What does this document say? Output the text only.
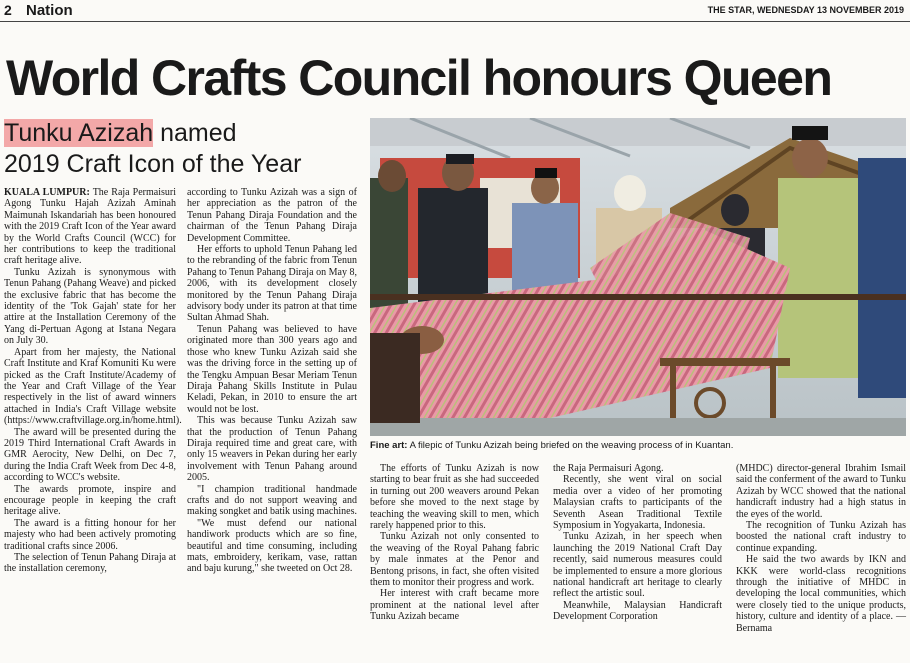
2 Nation	THE STAR, WEDNESDAY 13 NOVEMBER 2019
World Crafts Council honours Queen
Tunku Azizah named
2019 Craft Icon of the Year

KUALA LUMPUR: The Raja Permaisuri Agong Tunku Hajah Azizah Aminah Maimunah Iskandariah has been honoured with the 2019 Craft Icon of the Year award by the World Crafts Council (WCC) for her contributions to keep the traditional craft heritage alive.

Tunku Azizah is synonymous with Tenun Pahang (Pahang Weave) and picked the exclusive fabric that has become the identity of the 'Tok Gajah' state for her attire at the Installation Ceremony of the Yang di-Pertuan Agong at Istana Negara on July 30.

Apart from her majesty, the National Craft Institute and Kraf Komuniti Ku were picked as the Craft Institute/Academy of the Year and Craft Village of the Year respectively in the list of award winners attached in India's Craft Village website (https://www.craftvillage.org.in/home.html).

The award will be presented during the 2019 Third International Craft Awards in GMR Aerocity, New Delhi, on Dec 7, during the India Craft Week from Dec 4-8, according to WCC's website.

The awards promote, inspire and encourage people in keeping the craft heritage alive.

The award is a fitting honour for her majesty who had been actively promoting traditional crafts since 2006.

The selection of Tenun Pahang Diraja at the installation ceremony,

according to Tunku Azizah was a sign of her appreciation as the patron of the Tenun Pahang Diraja Foundation and the chairman of the Tenun Pahang Diraja Development Committee.

Her efforts to uphold Tenun Pahang led to the rebranding of the fabric from Tenun Pahang to Tenun Pahang Diraja on May 8, 2006, with its development closely monitored by the Tenun Pahang Diraja advisory body under its patron at that time Sultan Ahmad Shah.

Tenun Pahang was believed to have originated more than 300 years ago and those who knew Tunku Azizah said she was the driving force in the setting up of the Tengku Ampuan Besar Meriam Tenun Diraja Pahang Skills Institute in Pulau Keladi, Pekan, in 2010 to ensure the art would not be lost.

This was because Tunku Azizah saw that the production of Tenun Pahang Diraja required time and great care, with only 15 weavers in Pekan during her early involvement with Tenun Pahang around 2005.

"I champion traditional handmade crafts and do not support weaving and making songket and batik using machines.

"We must defend our national handiwork products which are so fine, beautiful and time consuming, including mats, embroidery, kerikam, vase, rattan and baju kurung," she tweeted on Oct 28.

The efforts of Tunku Azizah is now starting to bear fruit as she had succeeded in turning out 200 weavers around Pekan before she moved to the next stage by teaching the weaving skill to men, which rarely happened prior to this.

Tunku Azizah not only consented to the weaving of the Royal Pahang fabric by male inmates at the Penor and Bentong prisons, in fact, she often visited them to monitor their progress and work.

Her interest with craft became more prominent at the national level after Tunku Azizah became

the Raja Permaisuri Agong.

Recently, she went viral on social media over a video of her promoting Malaysian crafts to participants of the Seventh Asean Traditional Textile Symposium in Yogyakarta, Indonesia.

Tunku Azizah, in her speech when launching the 2019 National Craft Day recently, said numerous measures could be implemented to ensure a more glorious national handicraft art heritage to clearly reflect the artistic soul.

Meanwhile, Malaysian Handicraft Development Corporation

(MHDC) director-general Ibrahim Ismail said the conferment of the award to Tunku Azizah by WCC showed that the national handicraft industry had a high status in the eyes of the world.

The recognition of Tunku Azizah has boosted the national craft industry to continue expanding.

He said the two awards by IKN and KKK were world-class recognitions through the initiative of MHDC in developing the local communities, which were closely tied to the unique products, history, culture and identity of a place. — Bernama

Fine art: A filepic of Tunku Azizah being briefed on the weaving process of in Kuantan.
